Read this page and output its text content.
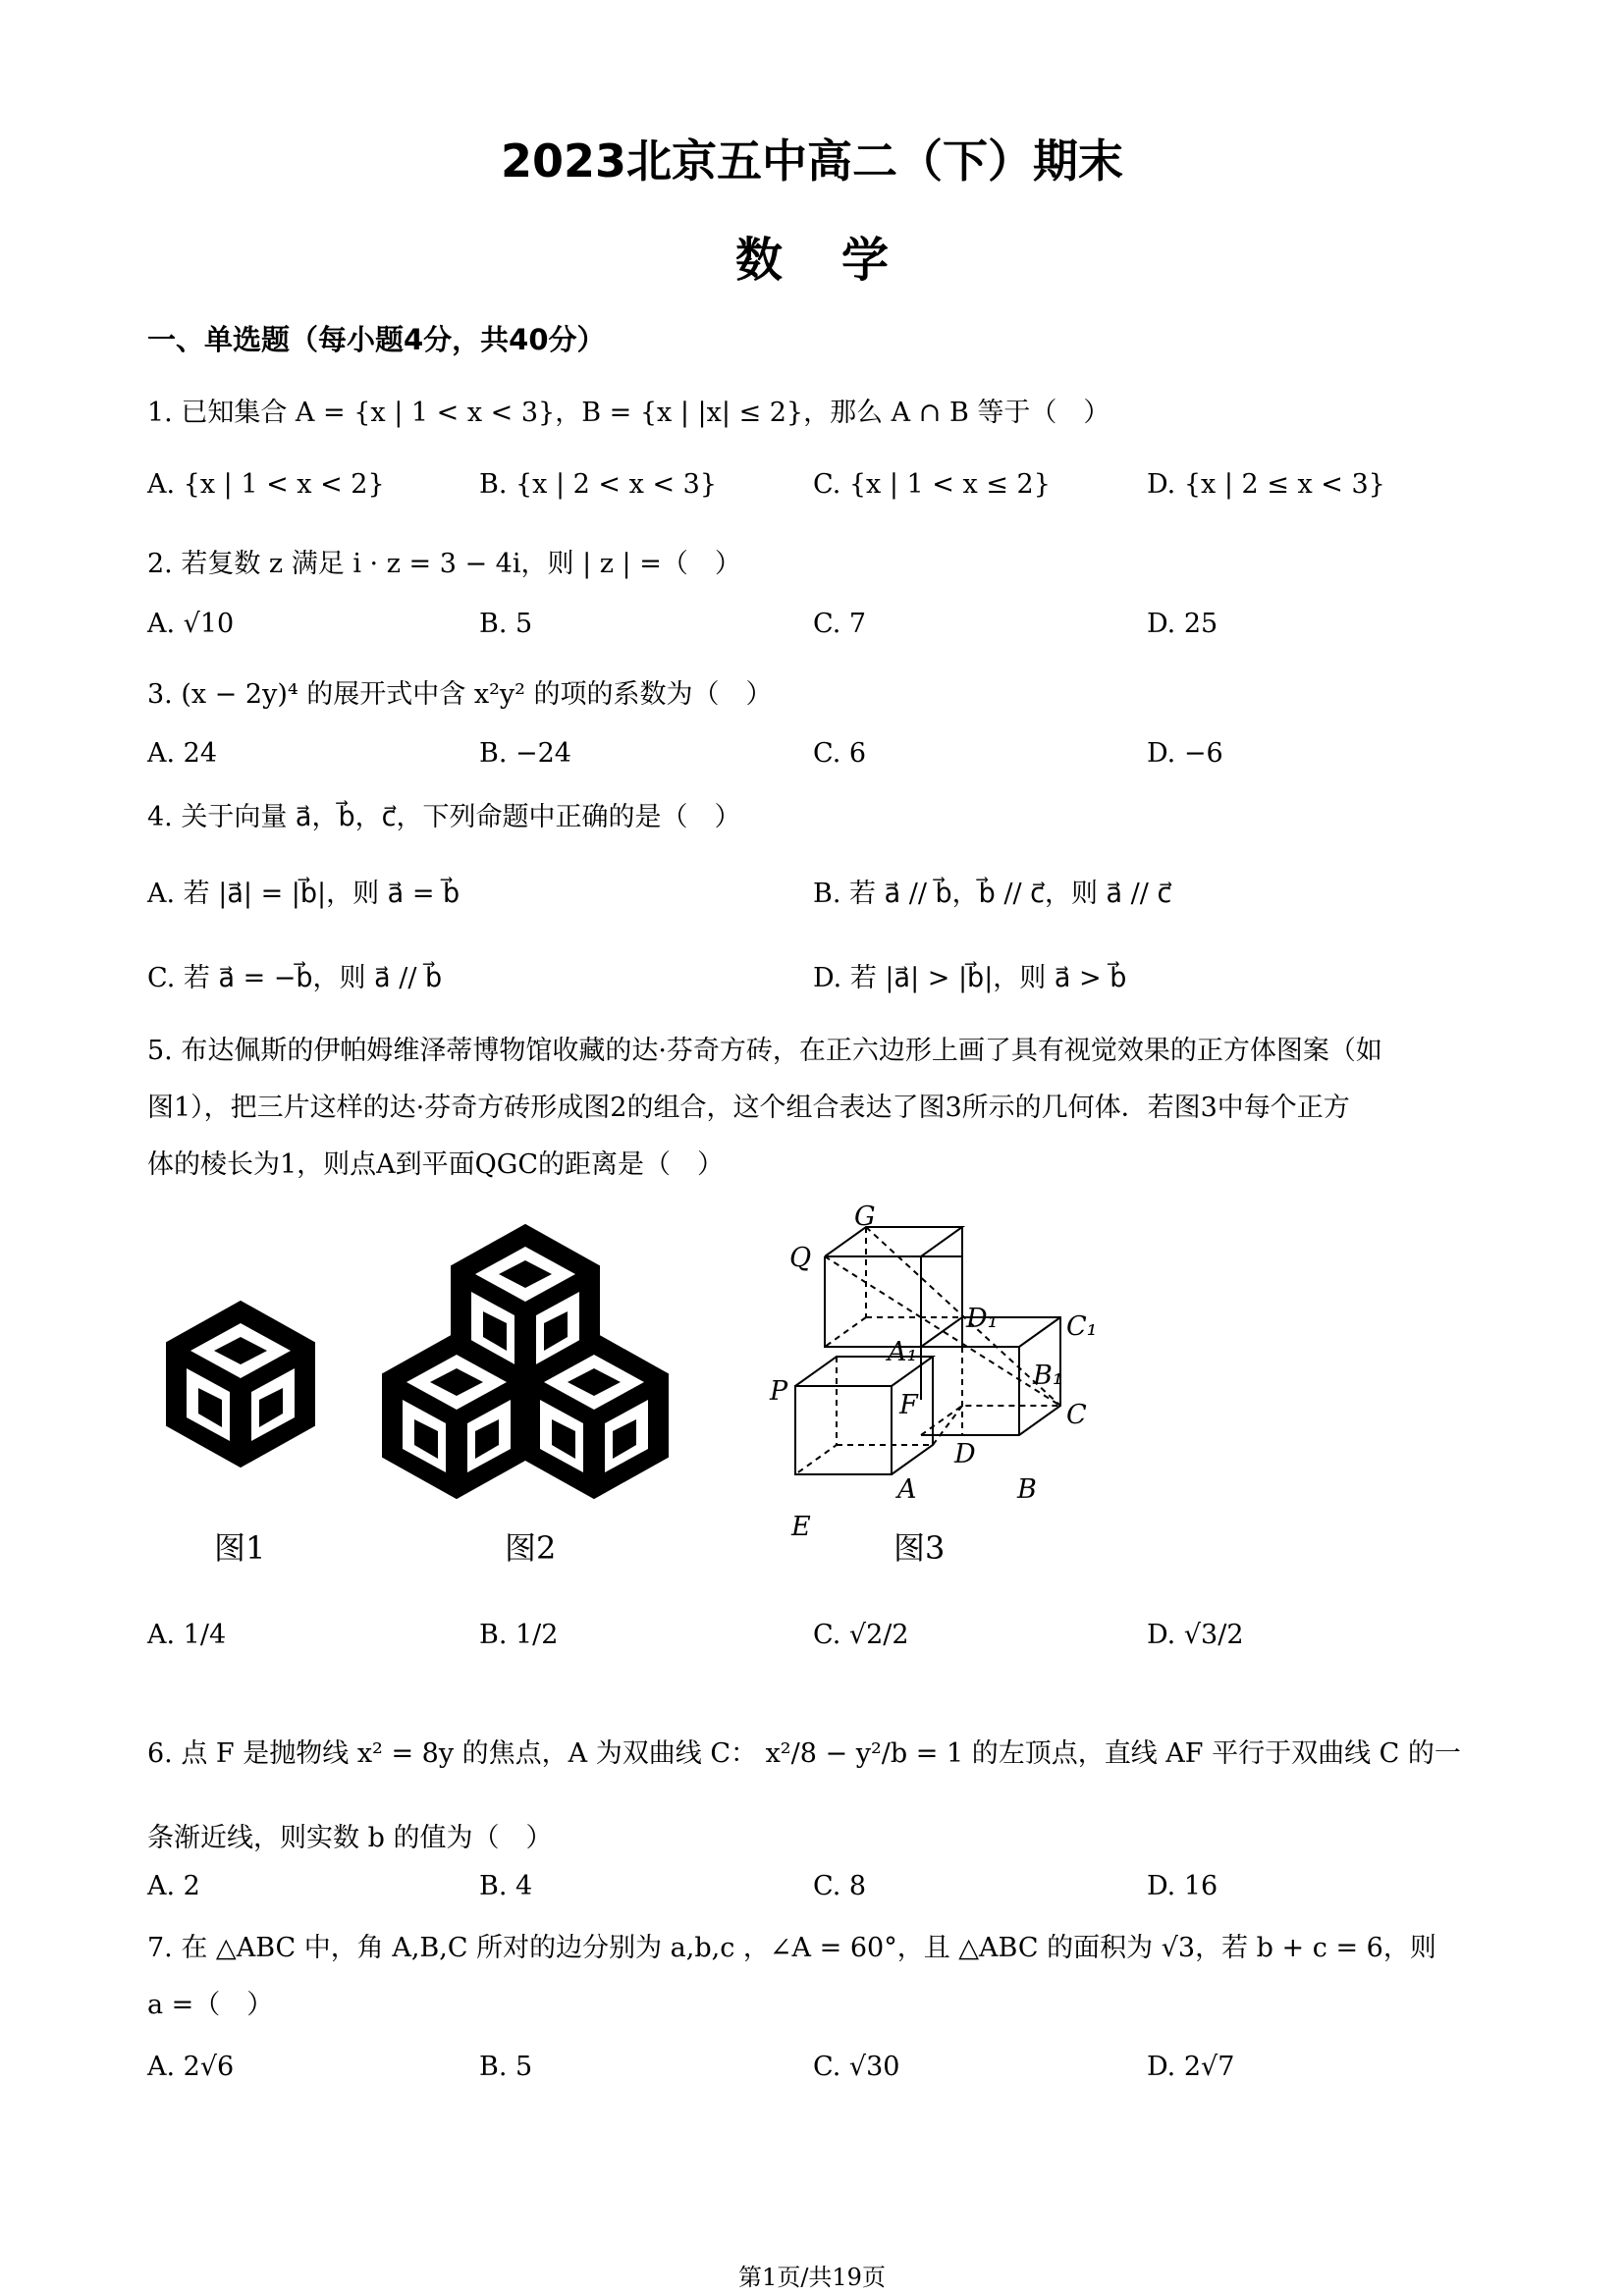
2023北京五中高二（下）期末
数学
一、单选题（每小题4分，共40分）
1. 已知集合 A = {x | 1 < x < 3}，B = {x | |x| ≤ 2}，那么 A ∩ B 等于（　）
A. {x | 1 < x < 2}	B. {x | 2 < x < 3}	C. {x | 1 < x ≤ 2}	D. {x | 2 ≤ x < 3}
2. 若复数 z 满足 i · z = 3 − 4i，则 | z | =（　）
A. √10	B. 5	C. 7	D. 25
3. (x − 2y)⁴ 的展开式中含 x²y² 的项的系数为（　）
A. 24	B. −24	C. 6	D. −6
4. 关于向量 a⃗，b⃗，c⃗，下列命题中正确的是（　）
A. 若 |a⃗| = |b⃗|，则 a⃗ = b⃗	B. 若 a⃗ // b⃗，b⃗ // c⃗，则 a⃗ // c⃗
C. 若 a⃗ = −b⃗，则 a⃗ // b⃗	D. 若 |a⃗| > |b⃗|，则 a⃗ > b⃗
5. 布达佩斯的伊帕姆维泽蒂博物馆收藏的达·芬奇方砖，在正六边形上画了具有视觉效果的正方体图案（如
图1），把三片这样的达·芬奇方砖形成图2的组合，这个组合表达了图3所示的几何体．若图3中每个正方
体的棱长为1，则点A到平面QGC的距离是（　）
G
Q
D₁	C₁
A₁
B₁
P	F	C
D
A	B
E
图1	图2	图3
A. 1/4	B. 1/2	C. √2/2	D. √3/2
6. 点 F 是抛物线 x² = 8y 的焦点，A 为双曲线 C： x²/8 − y²/b = 1 的左顶点，直线 AF 平行于双曲线 C 的一
条渐近线，则实数 b 的值为（　）
A. 2	B. 4	C. 8	D. 16
7. 在 △ABC 中，角 A,B,C 所对的边分别为 a,b,c ，∠A = 60°，且 △ABC 的面积为 √3，若 b + c = 6，则
a =（　）
A. 2√6	B. 5	C. √30	D. 2√7
第1页/共19页
